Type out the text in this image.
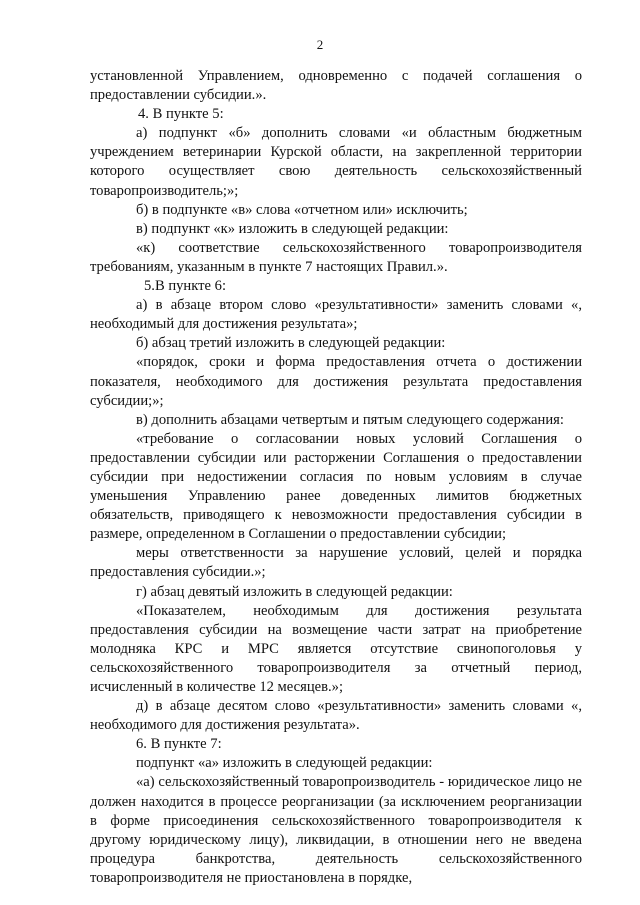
2

установленной Управлением, одновременно с подачей соглашения о предоставлении субсидии.».

4. В пункте 5:

а) подпункт «б» дополнить словами «и областным бюджетным учреждением ветеринарии Курской области, на закрепленной территории которого осуществляет свою деятельность сельскохозяйственный товаропроизводитель;»;

б) в подпункте «в» слова «отчетном или» исключить;

в) подпункт «к» изложить в следующей редакции:

«к) соответствие сельскохозяйственного товаропроизводителя требованиям, указанным в пункте 7 настоящих Правил.».

5.В пункте 6:

а) в абзаце втором слово «результативности» заменить словами «, необходимый для достижения результата»;

б) абзац третий изложить в следующей редакции:

«порядок, сроки и форма предоставления отчета о достижении показателя, необходимого для достижения результата предоставления субсидии;»;

в) дополнить абзацами четвертым и пятым следующего содержания:

«требование о согласовании новых условий Соглашения о предоставлении субсидии или расторжении Соглашения о предоставлении субсидии при недостижении согласия по новым условиям в случае уменьшения Управлению ранее доведенных лимитов бюджетных обязательств, приводящего к невозможности предоставления субсидии в размере, определенном в Соглашении о предоставлении субсидии;

меры ответственности за нарушение условий, целей и порядка предоставления субсидии.»;

г) абзац девятый изложить в следующей редакции:

«Показателем, необходимым для достижения результата предоставления субсидии на возмещение части затрат на приобретение молодняка КРС и МРС является отсутствие свинопоголовья у сельскохозяйственного товаропроизводителя за отчетный период, исчисленный в количестве 12 месяцев.»;

д) в абзаце десятом слово «результативности» заменить словами «, необходимого для достижения результата».

6. В пункте 7:

подпункт «а» изложить в следующей редакции:

«а) сельскохозяйственный товаропроизводитель - юридическое лицо не должен находится в процессе реорганизации (за исключением реорганизации в форме присоединения сельскохозяйственного товаропроизводителя к другому юридическому лицу), ликвидации, в отношении него не введена процедура банкротства, деятельность сельскохозяйственного товаропроизводителя не приостановлена в порядке,
